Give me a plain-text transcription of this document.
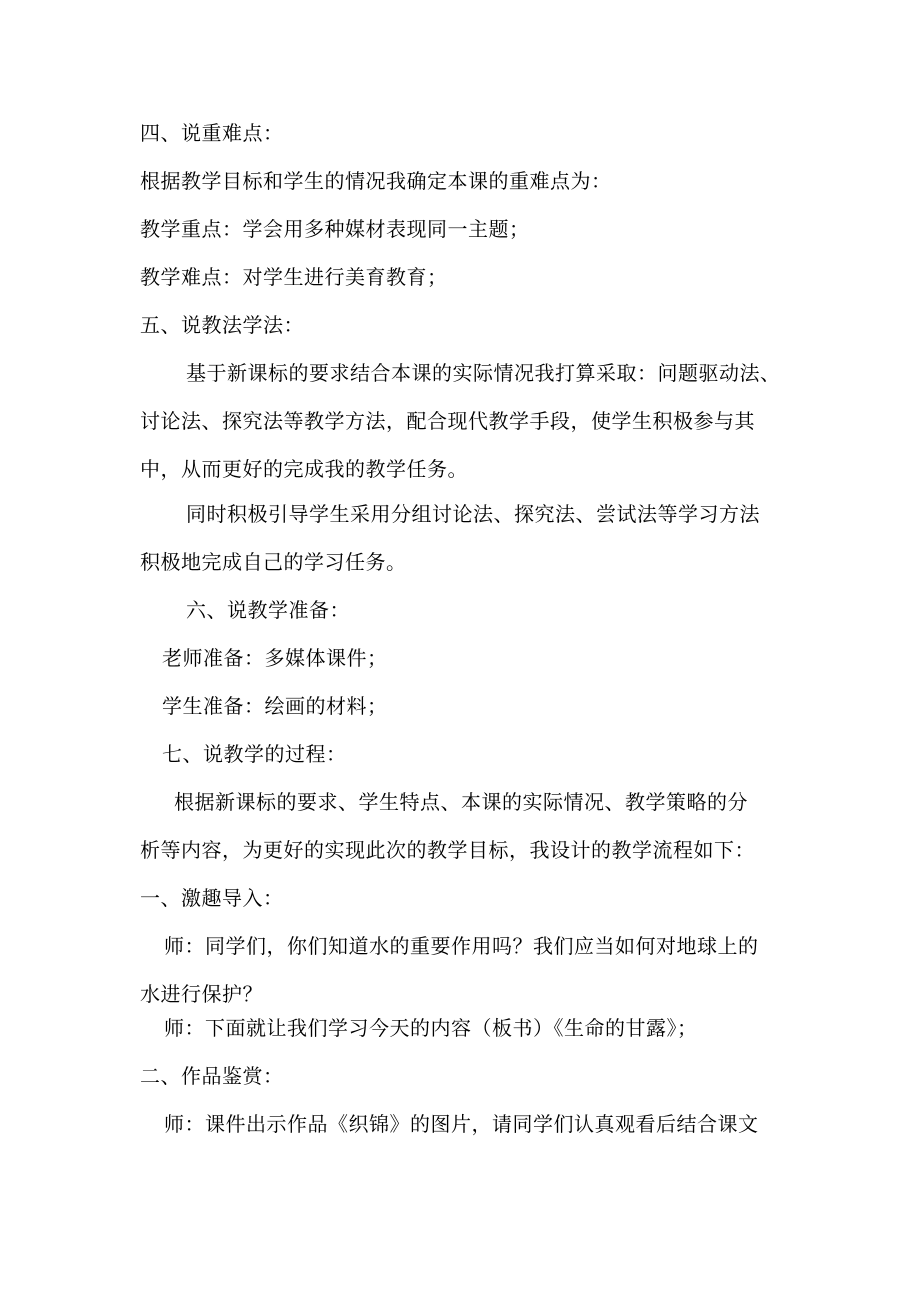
四、说重难点：
根据教学目标和学生的情况我确定本课的重难点为：
教学重点：学会用多种媒材表现同一主题；
教学难点：对学生进行美育教育；
五、说教法学法：
基于新课标的要求结合本课的实际情况我打算采取：问题驱动法、
讨论法、探究法等教学方法，配合现代教学手段，使学生积极参与其
中，从而更好的完成我的教学任务。
同时积极引导学生采用分组讨论法、探究法、尝试法等学习方法
积极地完成自己的学习任务。
六、说教学准备：
老师准备：多媒体课件；
学生准备：绘画的材料；
七、说教学的过程：
根据新课标的要求、学生特点、本课的实际情况、教学策略的分
析等内容，为更好的实现此次的教学目标，我设计的教学流程如下：
一、激趣导入：
师：同学们，你们知道水的重要作用吗？我们应当如何对地球上的
水进行保护？
师：下面就让我们学习今天的内容（板书）《生命的甘露》；
二、作品鉴赏：
师：课件出示作品《织锦》的图片，请同学们认真观看后结合课文
